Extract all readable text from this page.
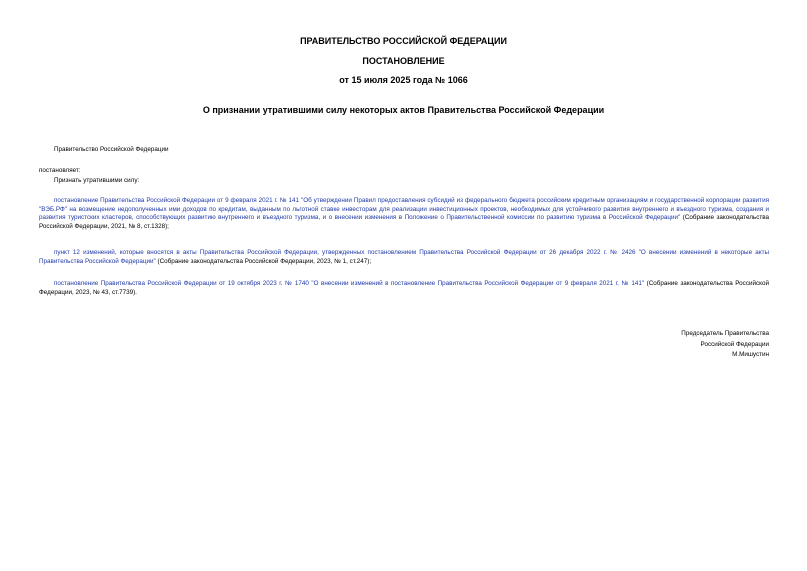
ПРАВИТЕЛЬСТВО РОССИЙСКОЙ ФЕДЕРАЦИИ
ПОСТАНОВЛЕНИЕ
от 15 июля 2025 года № 1066
О признании утратившими силу некоторых актов Правительства Российской Федерации
Правительство Российской Федерации
постановляет:
Признать утратившими силу:
постановление Правительства Российской Федерации от 9 февраля 2021 г. № 141 "Об утверждении Правил предоставления субсидий из федерального бюджета российским кредитным организациям и государственной корпорации развития "ВЭБ.РФ" на возмещение недополученных ими доходов по кредитам, выданным по льготной ставке инвесторам для реализации инвестиционных проектов, необходимых для устойчивого развития внутреннего и въездного туризма, создания и развития туристских кластеров, способствующих развитию внутреннего и въездного туризма, и о внесении изменения в Положение о Правительственной комиссии по развитию туризма в Российской Федерации" (Собрание законодательства Российской Федерации, 2021, № 8, ст.1328);
пункт 12 изменений, которые вносятся в акты Правительства Российской Федерации, утвержденных постановлением Правительства Российской Федерации от 26 декабря 2022 г. № 2426 "О внесении изменений в некоторые акты Правительства Российской Федерации" (Собрание законодательства Российской Федерации, 2023, № 1, ст.247);
постановление Правительства Российской Федерации от 19 октября 2023 г. № 1740 "О внесении изменений в постановление Правительства Российской Федерации от 9 февраля 2021 г. № 141" (Собрание законодательства Российской Федерации, 2023, № 43, ст.7739).
Председатель Правительства
Российской Федерации
М.Мишустин
